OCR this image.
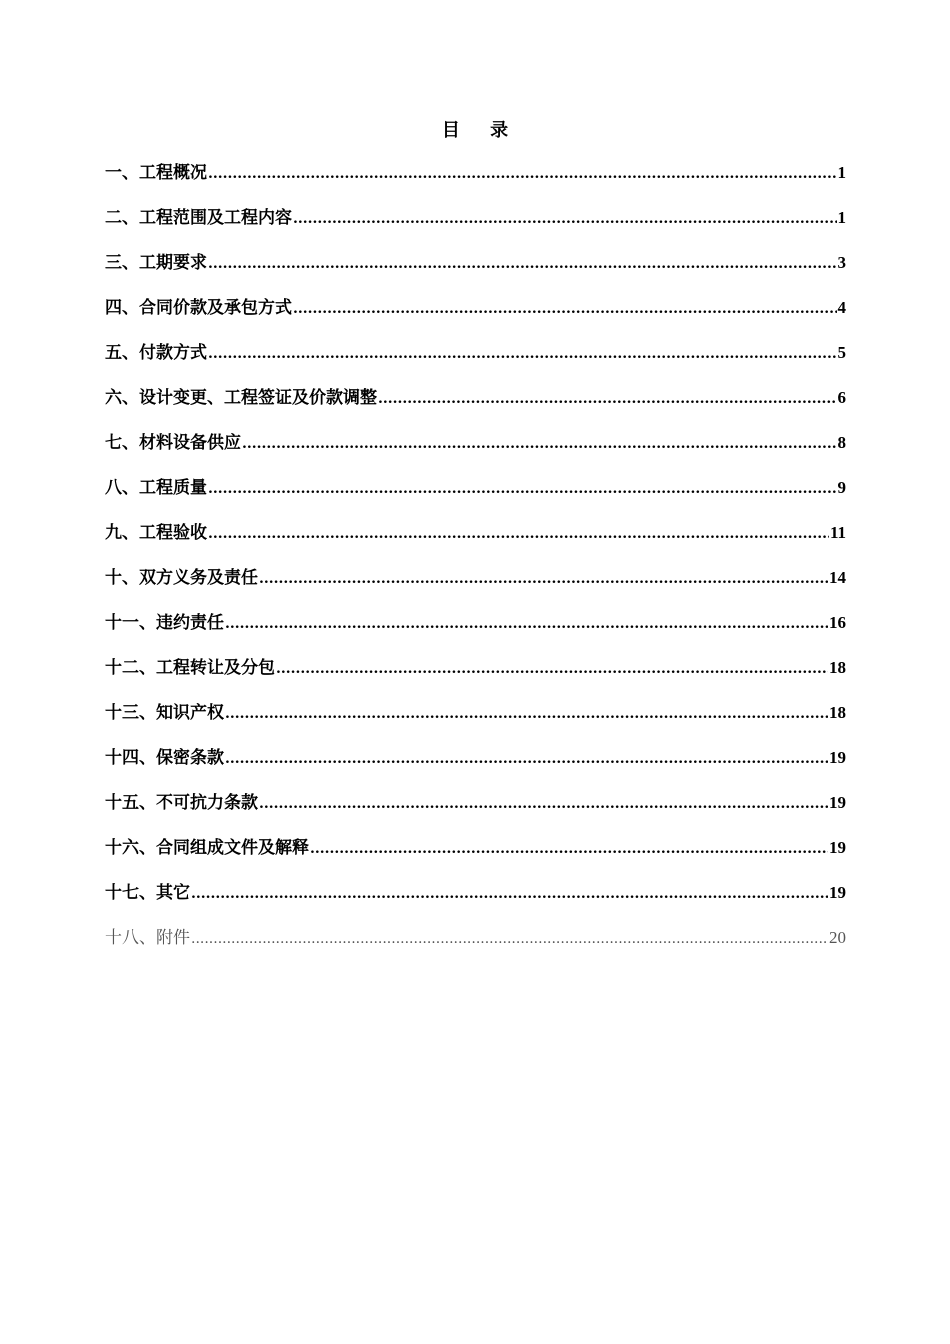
目 录
一、工程概况 .....	1
二、工程范围及工程内容 .....	1
三、工期要求 .....	3
四、合同价款及承包方式 .....	4
五、付款方式 .....	5
六、设计变更、工程签证及价款调整 .....	6
七、材料设备供应 .....	8
八、工程质量 .....	9
九、工程验收 .....	11
十、双方义务及责任 .....	14
十一、违约责任 .....	16
十二、工程转让及分包 .....	18
十三、知识产权 .....	18
十四、保密条款 .....	19
十五、不可抗力条款 .....	19
十六、合同组成文件及解释 .....	19
十七、其它 .....	19
十八、附件 .....	20
